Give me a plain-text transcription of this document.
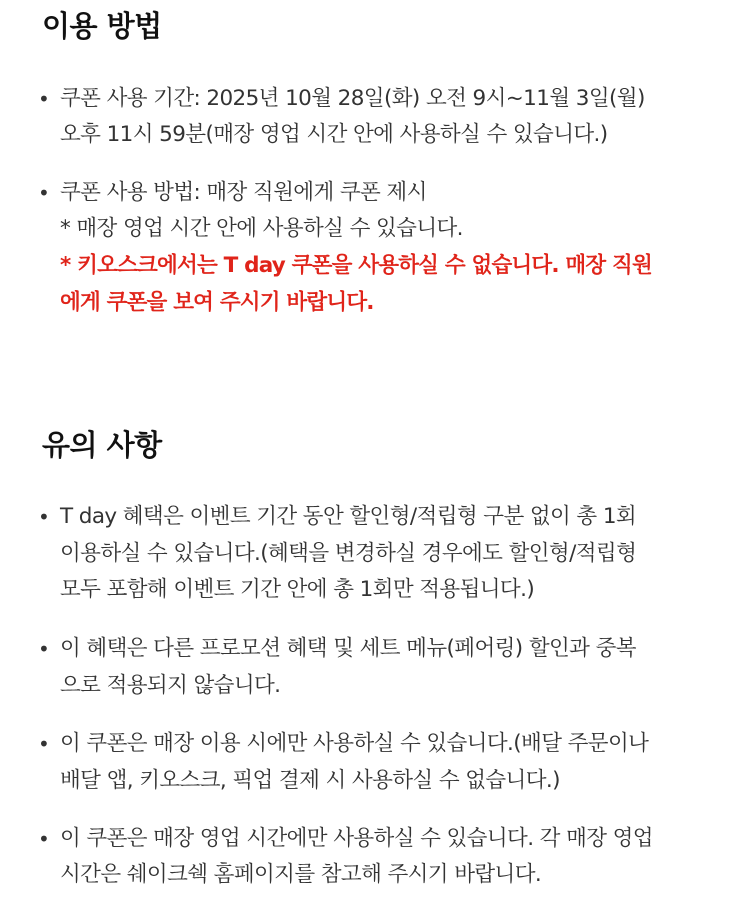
이용 방법
• 쿠폰 사용 기간: 2025년 10월 28일(화) 오전 9시~11월 3일(월)
오후 11시 59분(매장 영업 시간 안에 사용하실 수 있습니다.)
• 쿠폰 사용 방법: 매장 직원에게 쿠폰 제시
* 매장 영업 시간 안에 사용하실 수 있습니다.
* 키오스크에서는 T day 쿠폰을 사용하실 수 없습니다. 매장 직원
에게 쿠폰을 보여 주시기 바랍니다.
유의 사항
• T day 혜택은 이벤트 기간 동안 할인형/적립형 구분 없이 총 1회
이용하실 수 있습니다.(혜택을 변경하실 경우에도 할인형/적립형
모두 포함해 이벤트 기간 안에 총 1회만 적용됩니다.)
• 이 혜택은 다른 프로모션 혜택 및 세트 메뉴(페어링) 할인과 중복
으로 적용되지 않습니다.
• 이 쿠폰은 매장 이용 시에만 사용하실 수 있습니다.(배달 주문이나
배달 앱, 키오스크, 픽업 결제 시 사용하실 수 없습니다.)
• 이 쿠폰은 매장 영업 시간에만 사용하실 수 있습니다. 각 매장 영업
시간은 쉐이크쉑 홈페이지를 참고해 주시기 바랍니다.
